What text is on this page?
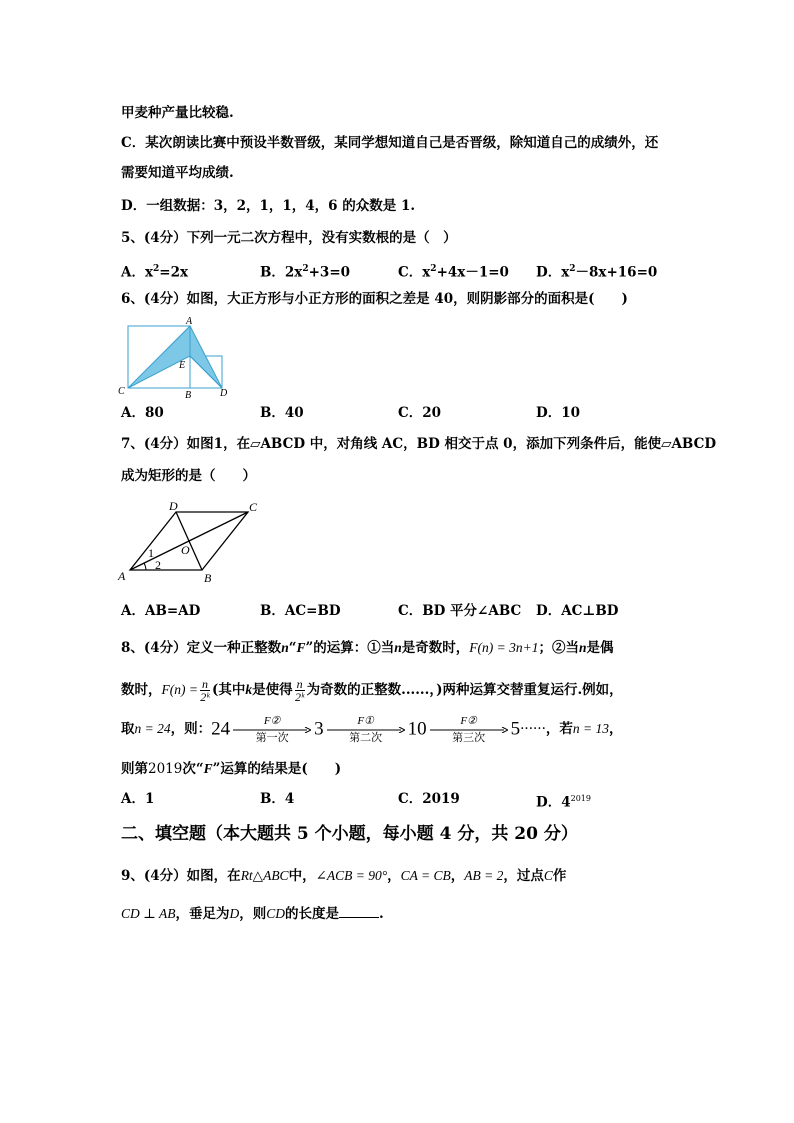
甲麦种产量比较稳.
C．某次朗读比赛中预设半数晋级，某同学想知道自己是否晋级，除知道自己的成绩外，还
需要知道平均成绩.
D．一组数据：3，2，1，1，4，6 的众数是 1.
5、(4分）下列一元二次方程中，没有实数根的是（　）
A．$x^2=2x$	B．$2x^2+3=0$	C．$x^2+4x-1=0$ D．$x^2-8x+16=0$
6、(4分）如图，大正方形与小正方形的面积之差是 40，则阴影部分的面积是(　　)
A
E
C	B	D
A．80	B．40	C．20	D．10
7、(4分）如图1，在▱ABCD 中，对角线 AC，BD 相交于点 0，添加下列条件后，能使▱ABCD
成为矩形的是（　　）
D	C
O
A	B
1
2
A．AB=AD	B．AC=BD	C．BD 平分∠ABC D．AC⊥BD
8、(4分）定义一种正整数n“F”的运算：①当n是奇数时，F(n) = 3n+1；②当n是偶
数时，$F(n) = \frac{n}{\text{2ᵏ}}$ (其中k是使得 $\frac{n}{\text{2ᵏ}}$ 为奇数的正整数......，)两种运算交替重复运行.例如，
取n = 24，则：24	F②
第一次	3	F①
第二次	10	F②
第三次	5······，若n = 13，
则第2019次“F”运算的结果是(　　)
A．1	B．4	C．2019	D．$4^{2019}$
二、填空题（本大题共 5 个小题，每小题 4 分，共 20 分）
9、(4分）如图，在Rt△ABC中，∠ACB = 90°，CA = CB，AB = 2，过点C作
CD ⊥ AB，垂足为D，则CD的长度是	.
